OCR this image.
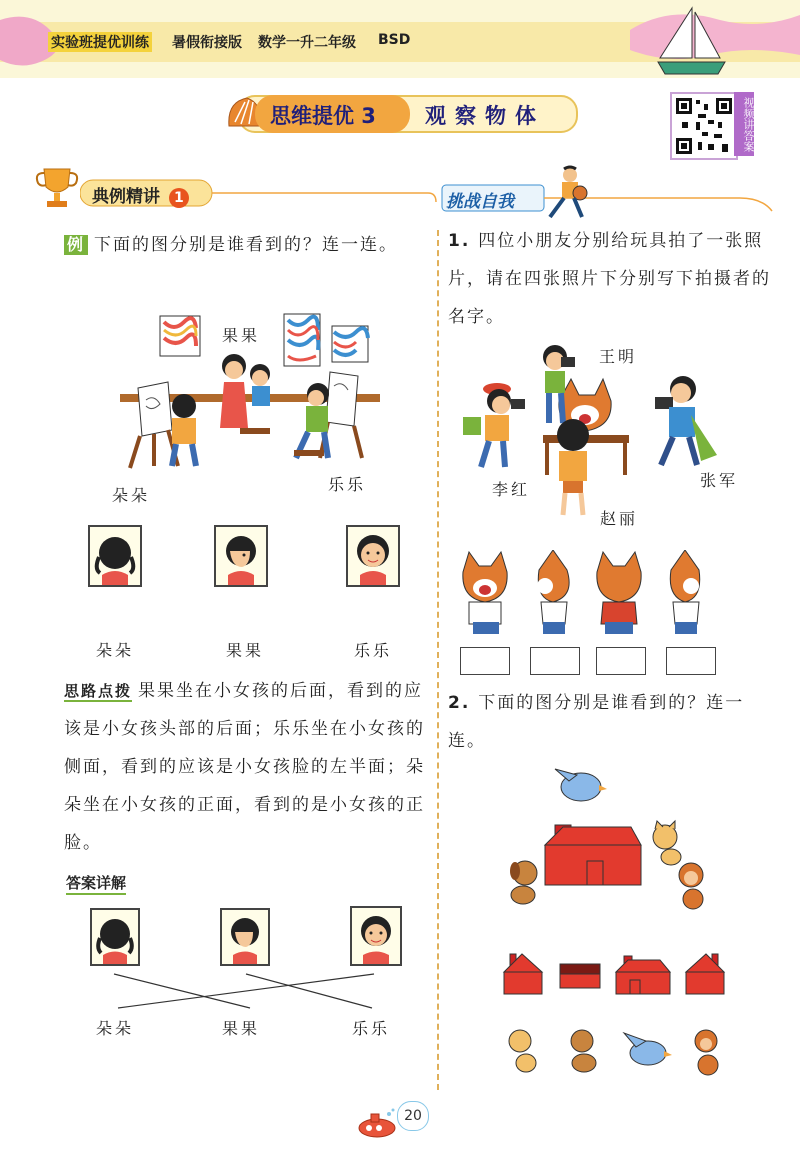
实验班提优训练 暑假衔接版 数学一升二年级 BSD
思维提优 3 观察物体	视频讲答案
典例精讲 1	挑战自我
例 下面的图分别是谁看到的？连一连。
果果
朵朵
乐乐
朵朵	果果	乐乐
思路点拨 果果坐在小女孩的后面，看到的应该是小女孩头部的后面；乐乐坐在小女孩的侧面，看到的应该是小女孩脸的左半面；朵朵坐在小女孩的正面，看到的是小女孩的正脸。
答案详解
朵朵	果果	乐乐
1. 四位小朋友分别给玩具拍了一张照片，请在四张照片下分别写下拍摄者的名字。
王明
李红	张军
赵丽
2. 下面的图分别是谁看到的？连一连。
20
